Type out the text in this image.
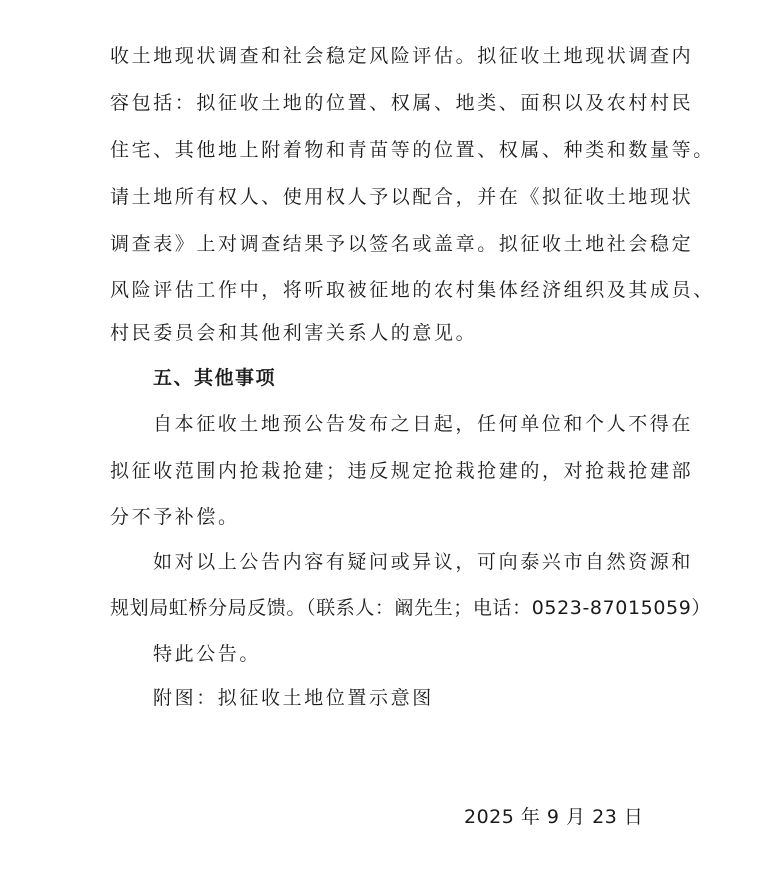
收土地现状调查和社会稳定风险评估。拟征收土地现状调查内
容包括：拟征收土地的位置、权属、地类、面积以及农村村民
住宅、其他地上附着物和青苗等的位置、权属、种类和数量等。
请土地所有权人、使用权人予以配合，并在《拟征收土地现状
调查表》上对调查结果予以签名或盖章。拟征收土地社会稳定
风险评估工作中，将听取被征地的农村集体经济组织及其成员、
村民委员会和其他利害关系人的意见。
五、其他事项
自本征收土地预公告发布之日起，任何单位和个人不得在
拟征收范围内抢栽抢建；违反规定抢栽抢建的，对抢栽抢建部
分不予补偿。
如对以上公告内容有疑问或异议，可向泰兴市自然资源和
规划局虹桥分局反馈。（联系人：阚先生；电话：0523-87015059）
特此公告。
附图：拟征收土地位置示意图
2025 年 9 月 23 日
